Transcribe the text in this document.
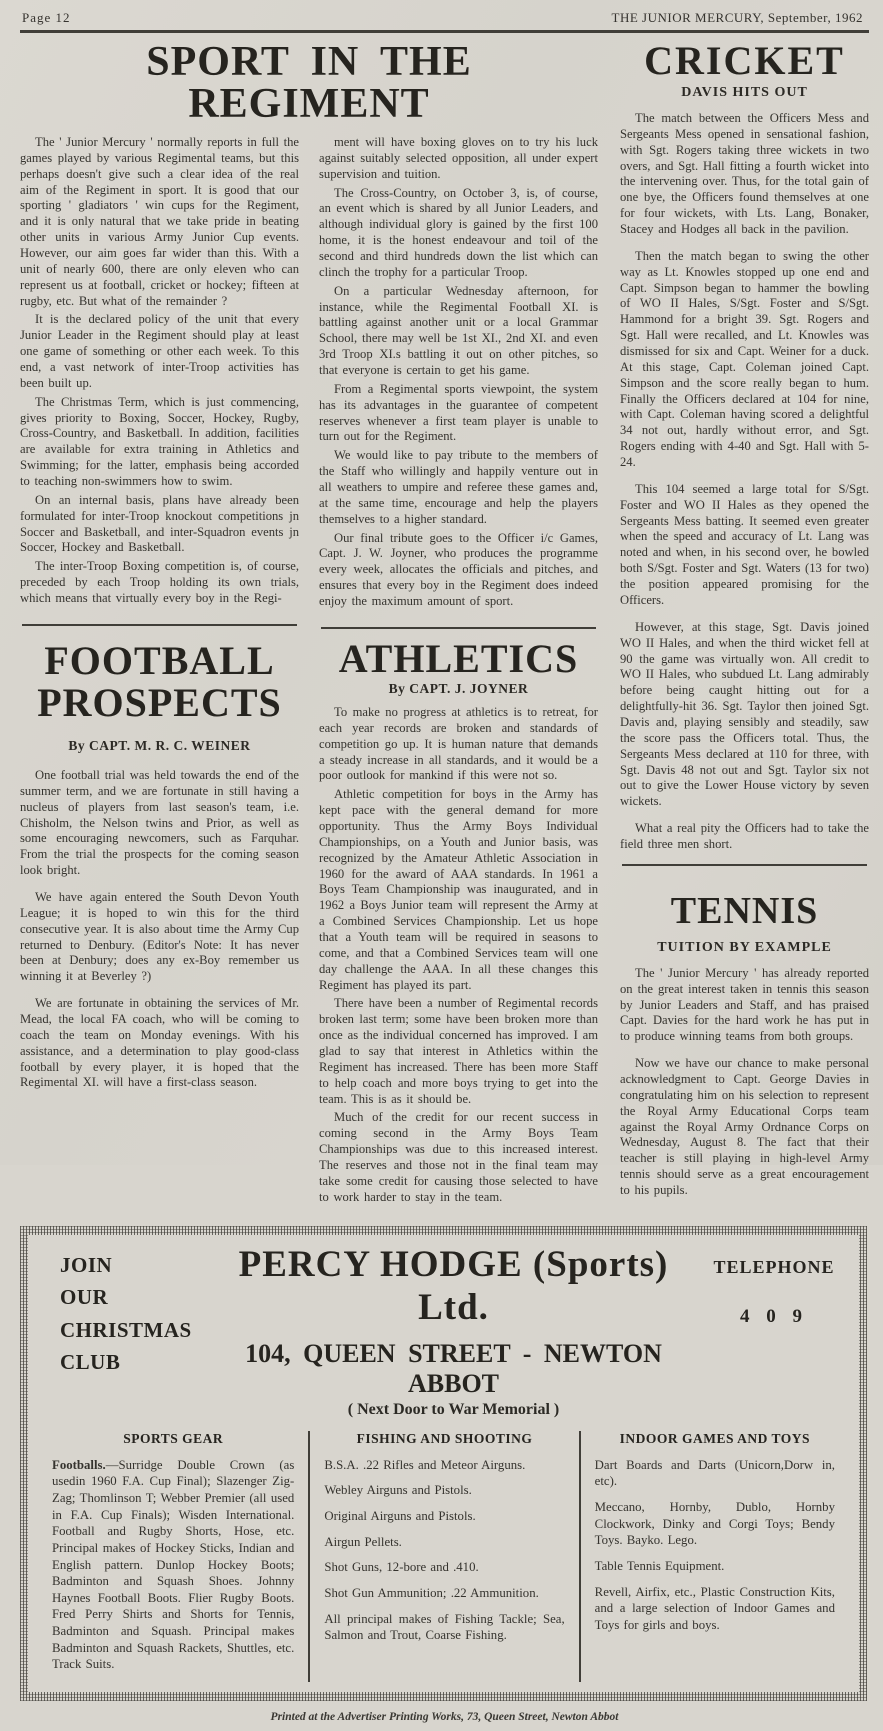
Page 12	THE JUNIOR MERCURY, September, 1962
SPORT IN THE REGIMENT

The ' Junior Mercury ' normally reports in full the games played by various Regimental teams, but this perhaps doesn't give such a clear idea of the real aim of the Regiment in sport. It is good that our sporting ' gladiators ' win cups for the Regiment, and it is only natural that we take pride in beating other units in various Army Junior Cup events. However, our aim goes far wider than this. With a unit of nearly 600, there are only eleven who can represent us at football, cricket or hockey; fifteen at rugby, etc. But what of the remainder ?

It is the declared policy of the unit that every Junior Leader in the Regiment should play at least one game of something or other each week. To this end, a vast network of inter-Troop activities has been built up.

The Christmas Term, which is just commencing, gives priority to Boxing, Soccer, Hockey, Rugby, Cross-Country, and Basketball. In addition, facilities are available for extra training in Athletics and Swimming; for the latter, emphasis being accorded to teaching non-swimmers how to swim.

On an internal basis, plans have already been formulated for inter-Troop knockout competitions jn Soccer and Basketball, and inter-Squadron events jn Soccer, Hockey and Basketball.

The inter-Troop Boxing competition is, of course, preceded by each Troop holding its own trials, which means that virtually every boy in the Regi-

FOOTBALL
PROSPECTS
By CAPT. M. R. C. WEINER

One football trial was held towards the end of the summer term, and we are fortunate in still having a nucleus of players from last season's team, i.e. Chisholm, the Nelson twins and Prior, as well as some encouraging newcomers, such as Farquhar. From the trial the prospects for the coming season look bright.

We have again entered the South Devon Youth League; it is hoped to win this for the third consecutive year. It is also about time the Army Cup returned to Denbury. (Editor's Note: It has never been at Denbury; does any ex-Boy remember us winning it at Beverley ?)

We are fortunate in obtaining the services of Mr. Mead, the local FA coach, who will be coming to coach the team on Monday evenings. With his assistance, and a determination to play good-class football by every player, it is hoped that the Regimental XI. will have a first-class season.

ment will have boxing gloves on to try his luck against suitably selected opposition, all under expert supervision and tuition.

The Cross-Country, on October 3, is, of course, an event which is shared by all Junior Leaders, and although individual glory is gained by the first 100 home, it is the honest endeavour and toil of the second and third hundreds down the list which can clinch the trophy for a particular Troop.

On a particular Wednesday afternoon, for instance, while the Regimental Football XI. is battling against another unit or a local Grammar School, there may well be 1st XI., 2nd XI. and even 3rd Troop XI.s battling it out on other pitches, so that everyone is certain to get his game.

From a Regimental sports viewpoint, the system has its advantages in the guarantee of competent reserves whenever a first team player is unable to turn out for the Regiment.

We would like to pay tribute to the members of the Staff who willingly and happily venture out in all weathers to umpire and referee these games and, at the same time, encourage and help the players themselves to a higher standard.

Our final tribute goes to the Officer i/c Games, Capt. J. W. Joyner, who produces the programme every week, allocates the officials and pitches, and ensures that every boy in the Regiment does indeed enjoy the maximum amount of sport.

ATHLETICS
By CAPT. J. JOYNER

To make no progress at athletics is to retreat, for each year records are broken and standards of competition go up. It is human nature that demands a steady increase in all standards, and it would be a poor outlook for mankind if this were not so.

Athletic competition for boys in the Army has kept pace with the general demand for more opportunity. Thus the Army Boys Individual Championships, on a Youth and Junior basis, was recognized by the Amateur Athletic Association in 1960 for the award of AAA standards. In 1961 a Boys Team Championship was inaugurated, and in 1962 a Boys Junior team will represent the Army at a Combined Services Championship. Let us hope that a Youth team will be required in seasons to come, and that a Combined Services team will one day challenge the AAA. In all these changes this Regiment has played its part.

There have been a number of Regimental records broken last term; some have been broken more than once as the individual concerned has improved. I am glad to say that interest in Athletics within the Regiment has increased. There has been more Staff to help coach and more boys trying to get into the team. This is as it should be.

Much of the credit for our recent success in coming second in the Army Boys Team Championships was due to this increased interest. The reserves and those not in the final team may take some credit for causing those selected to have to work harder to stay in the team.

CRICKET
DAVIS HITS OUT

The match between the Officers Mess and Sergeants Mess opened in sensational fashion, with Sgt. Rogers taking three wickets in two overs, and Sgt. Hall fitting a fourth wicket into the intervening over. Thus, for the total gain of one bye, the Officers found themselves at one for four wickets, with Lts. Lang, Bonaker, Stacey and Hodges all back in the pavilion.

Then the match began to swing the other way as Lt. Knowles stopped up one end and Capt. Simpson began to hammer the bowling of WO II Hales, S/Sgt. Foster and S/Sgt. Hammond for a bright 39. Sgt. Rogers and Sgt. Hall were recalled, and Lt. Knowles was dismissed for six and Capt. Weiner for a duck. At this stage, Capt. Coleman joined Capt. Simpson and the score really began to hum. Finally the Officers declared at 104 for nine, with Capt. Coleman having scored a delightful 34 not out, hardly without error, and Sgt. Rogers ending with 4-40 and Sgt. Hall with 5-24.

This 104 seemed a large total for S/Sgt. Foster and WO II Hales as they opened the Sergeants Mess batting. It seemed even greater when the speed and accuracy of Lt. Lang was noted and when, in his second over, he bowled both S/Sgt. Foster and Sgt. Waters (13 for two) the position appeared promising for the Officers.

However, at this stage, Sgt. Davis joined WO II Hales, and when the third wicket fell at 90 the game was virtually won. All credit to WO II Hales, who subdued Lt. Lang admirably before being caught hitting out for a delightfully-hit 36. Sgt. Taylor then joined Sgt. Davis and, playing sensibly and steadily, saw the score pass the Officers total. Thus, the Sergeants Mess declared at 110 for three, with Sgt. Davis 48 not out and Sgt. Taylor six not out to give the Lower House victory by seven wickets.

What a real pity the Officers had to take the field three men short.

TENNIS
TUITION BY EXAMPLE

The ' Junior Mercury ' has already reported on the great interest taken in tennis this season by Junior Leaders and Staff, and has praised Capt. Davies for the hard work he has put in to produce winning teams from both groups.

Now we have our chance to make personal acknowledgment to Capt. George Davies in congratulating him on his selection to represent the Royal Army Educational Corps team against the Royal Army Ordnance Corps on Wednesday, August 8. The fact that their teacher is still playing in high-level Army tennis should serve as a great encouragement to his pupils.

JOIN

OUR

CHRISTMAS

CLUB

PERCY HODGE (Sports) Ltd.
104, QUEEN STREET - NEWTON ABBOT
( Next Door to War Memorial )
TELEPHONE
4 0 9
SPORTS GEAR

Footballs.—Surridge Double Crown (as usedin 1960 F.A. Cup Final); Slazenger Zig-Zag; Thomlinson T; Webber Premier (all used in F.A. Cup Finals); Wisden International. Football and Rugby Shorts, Hose, etc. Principal makes of Hockey Sticks, Indian and English pattern. Dunlop Hockey Boots; Badminton and Squash Shoes. Johnny Haynes Football Boots. Flier Rugby Boots. Fred Perry Shirts and Shorts for Tennis, Badminton and Squash. Principal makes Badminton and Squash Rackets, Shuttles, etc. Track Suits.

FISHING AND SHOOTING

B.S.A. .22 Rifles and Meteor Airguns.

Webley Airguns and Pistols.

Original Airguns and Pistols.

Airgun Pellets.

Shot Guns, 12-bore and .410.

Shot Gun Ammunition; .22 Ammunition.

All principal makes of Fishing Tackle; Sea, Salmon and Trout, Coarse Fishing.

INDOOR GAMES AND TOYS

Dart Boards and Darts (Unicorn,Dorw in, etc).

Meccano, Hornby, Dublo, Hornby Clockwork, Dinky and Corgi Toys; Bendy Toys. Bayko. Lego.

Table Tennis Equipment.

Revell, Airfix, etc., Plastic Construction Kits, and a large selection of Indoor Games and Toys for girls and boys.

Printed at the Advertiser Printing Works, 73, Queen Street, Newton Abbot
